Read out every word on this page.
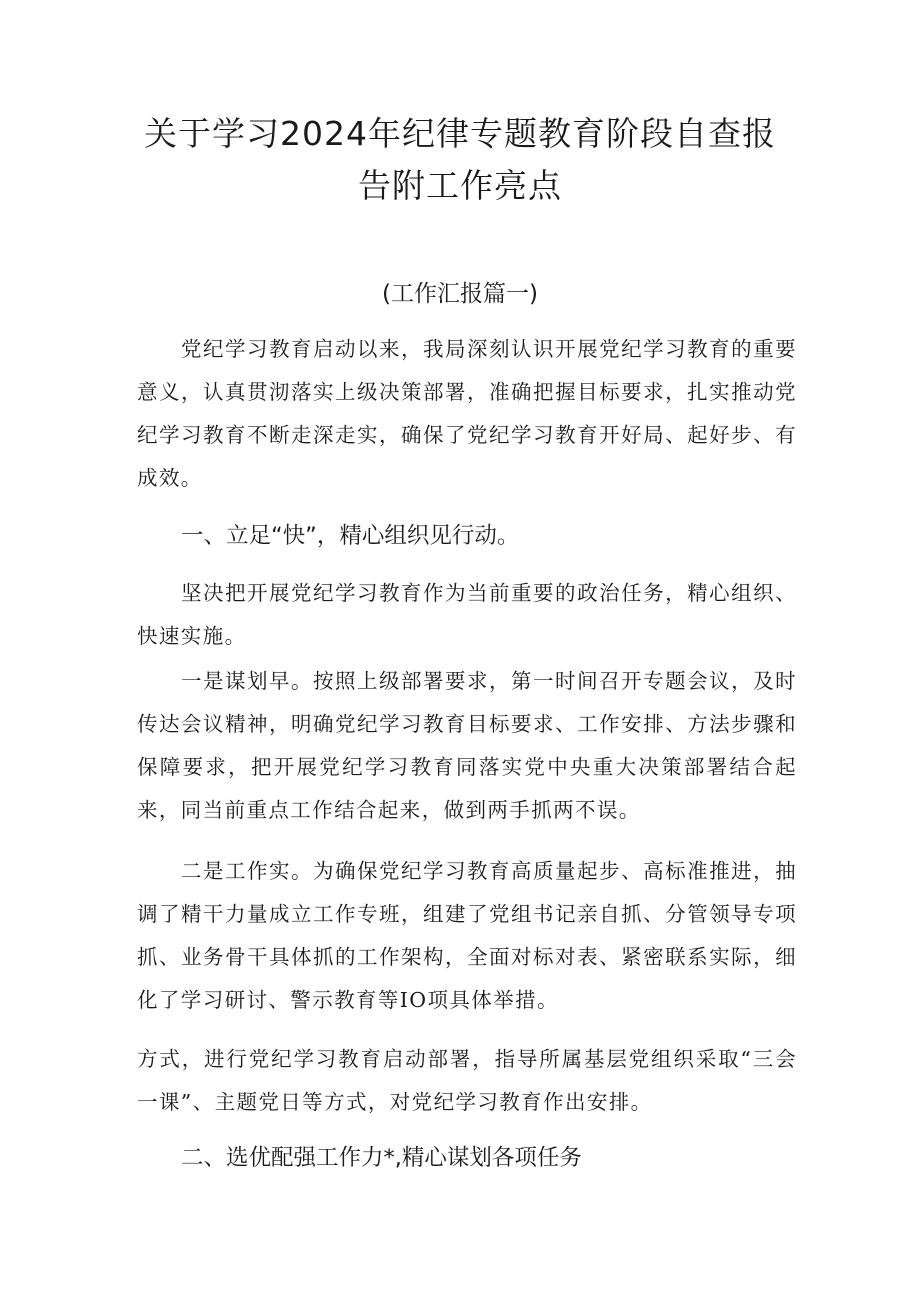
关于学习2024年纪律专题教育阶段自查报
告附工作亮点
(工作汇报篇一)

党纪学习教育启动以来，我局深刻认识开展党纪学习教育的重要意义，认真贯沏落实上级决策部署，准确把握目标要求，扎实推动党纪学习教育不断走深走实，确保了党纪学习教育开好局、起好步、有成效。

一、立足“快”，精心组织见行动。

坚决把开展党纪学习教育作为当前重要的政治任务，精心组织、快速实施。

一是谋划早。按照上级部署要求，第一时间召开专题会议，及时传达会议精神，明确党纪学习教育目标要求、工作安排、方法步骤和保障要求，把开展党纪学习教育同落实党中央重大决策部署结合起来，同当前重点工作结合起来，做到两手抓两不误。

二是工作实。为确保党纪学习教育高质量起步、高标准推进，抽调了精干力量成立工作专班，组建了党组书记亲自抓、分管领导专项抓、业务骨干具体抓的工作架构，全面对标对表、紧密联系实际，细化了学习研讨、警示教育等IO项具体举措。

方式，进行党纪学习教育启动部署，指导所属基层党组织采取“三会一课”、主题党日等方式，对党纪学习教育作出安排。

二、选优配强工作力*,精心谋划各项任务
